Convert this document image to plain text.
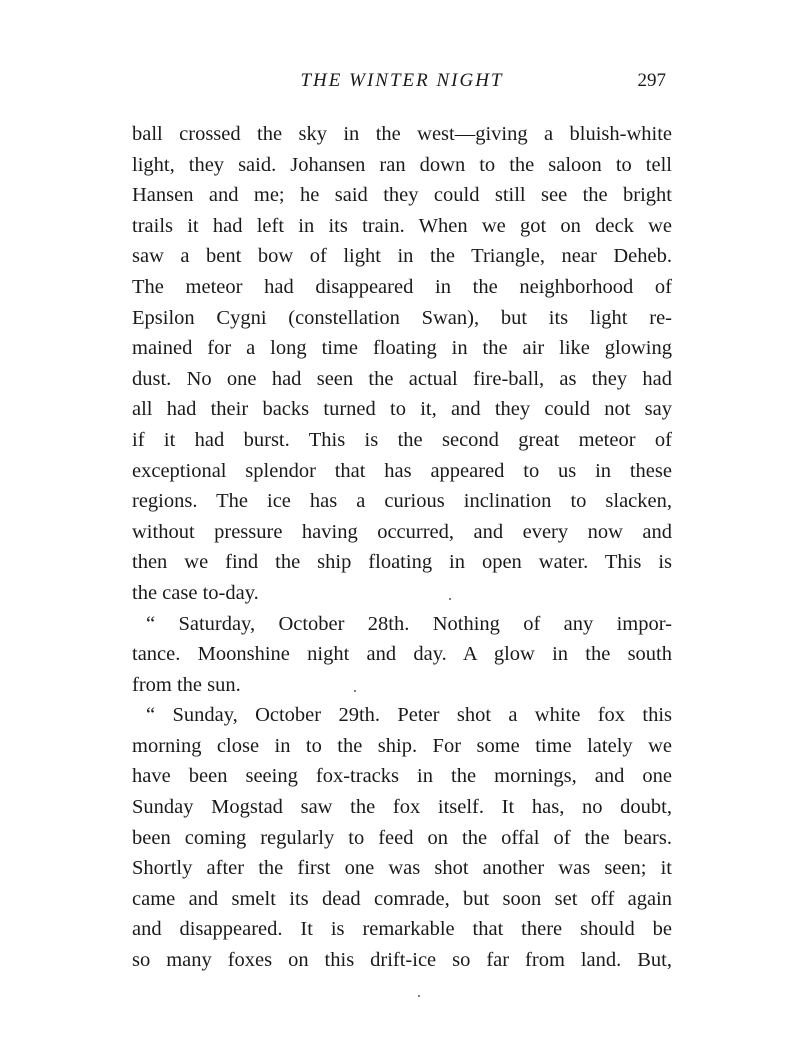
THE WINTER NIGHT	297
ball crossed the sky in the west—giving a bluish-white
light, they said. Johansen ran down to the saloon to tell
Hansen and me; he said they could still see the bright
trails it had left in its train. When we got on deck we
saw a bent bow of light in the Triangle, near Deheb.
The meteor had disappeared in the neighborhood of
Epsilon Cygni (constellation Swan), but its light re-
mained for a long time floating in the air like glowing
dust. No one had seen the actual fire-ball, as they had
all had their backs turned to it, and they could not say
if it had burst. This is the second great meteor of
exceptional splendor that has appeared to us in these
regions. The ice has a curious inclination to slacken,
without pressure having occurred, and every now and
then we find the ship floating in open water. This is
the case to-day.
“ Saturday, October 28th. Nothing of any impor-
tance. Moonshine night and day. A glow in the south
from the sun.
“ Sunday, October 29th. Peter shot a white fox this
morning close in to the ship. For some time lately we
have been seeing fox-tracks in the mornings, and one
Sunday Mogstad saw the fox itself. It has, no doubt,
been coming regularly to feed on the offal of the bears.
Shortly after the first one was shot another was seen; it
came and smelt its dead comrade, but soon set off again
and disappeared. It is remarkable that there should be
so many foxes on this drift-ice so far from land. But,
